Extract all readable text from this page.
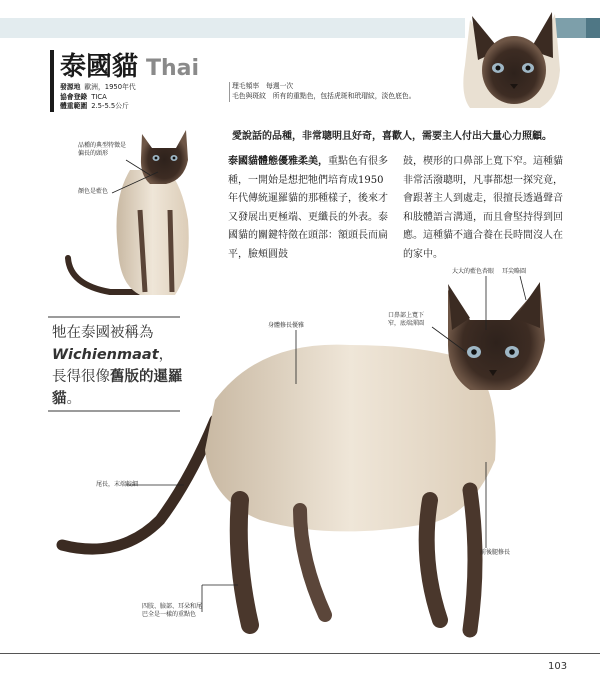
泰國貓 Thai
發源地 歐洲，1950年代
協會登錄 TICA
體重範圍 2.5-5.5公斤
理毛頻率　每週一次
毛色與斑紋　所有的重點色，包括虎斑和玳瑁紋，淡色底色。
愛說話的品種，非常聰明且好奇，喜歡人，需要主人付出大量心力照顧。
泰國貓體態優雅柔美，重點色有很多種，一開始是想把牠們培育成1950年代傳統暹羅貓的那種樣子，後來才又發展出更極端、更纖長的外表。泰國貓的關鍵特徵在頭部：額頭長而扁平，臉頰圓鼓
鼓，楔形的口鼻部上寬下窄。這種貓非常活潑聰明，凡事都想一探究竟，會跟著主人到處走，很擅長透過聲音和肢體語言溝通，而且會堅持得到回應。這種貓不適合養在長時間沒人在的家中。
品種的典型特徵是偏長的頭形
顏色是藍色
耳尖略圓
大大的藍色杏眼
口鼻部上寬下窄，底端渾圓
身體修長優雅
尾長，末端較細
前後腿修長
四肢、臉部、耳朵和尾巴全是一樣的重點色
牠在泰國被稱為Wichienmaat，長得很像舊版的暹羅貓。
103
